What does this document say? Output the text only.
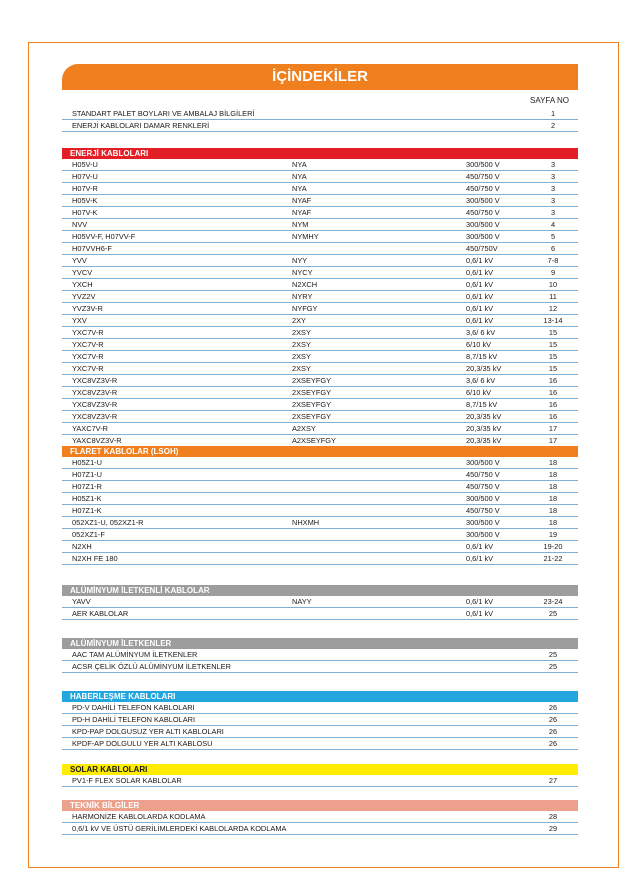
İÇİNDEKİLER
SAYFA NO
STANDART PALET BOYLARI VE AMBALAJ BİLGİLERİ	1
ENERJİ KABLOLARI DAMAR RENKLERİ	2
ENERJİ KABLOLARI
H05V-U	NYA	300/500 V	3
H07V-U	NYA	450/750 V	3
H07V-R	NYA	450/750 V	3
H05V-K	NYAF	300/500 V	3
H07V-K	NYAF	450/750 V	3
NVV	NYM	300/500 V	4
H05VV-F, H07VV-F	NYMHY	300/500 V	5
H07VVH6-F	450/750V	6
YVV	NYY	0,6/1 kV	7-8
YVCV	NYCY	0,6/1 kV	9
YXCH	N2XCH	0,6/1 kV	10
YVZ2V	NYRY	0,6/1 kV	11
YVZ3V-R	NYFGY	0,6/1 kV	12
YXV	2XY	0,6/1 kV	13-14
YXC7V-R	2XSY	3,6/ 6 kV	15
YXC7V-R	2XSY	6/10 kV	15
YXC7V-R	2XSY	8,7/15 kV	15
YXC7V-R	2XSY	20,3/35 kV	15
YXC8VZ3V-R	2XSEYFGY	3,6/ 6 kV	16
YXC8VZ3V-R	2XSEYFGY	6/10 kV	16
YXC8VZ3V-R	2XSEYFGY	8,7/15 kV	16
YXC8VZ3V-R	2XSEYFGY	20,3/35 kV	16
YAXC7V-R	A2XSY	20,3/35 kV	17
YAXC8VZ3V-R	A2XSEYFGY	20,3/35 kV	17
FLARET KABLOLAR (LSOH)
H05Z1-U	300/500 V	18
H07Z1-U	450/750 V	18
H07Z1-R	450/750 V	18
H05Z1-K	300/500 V	18
H07Z1-K	450/750 V	18
052XZ1-U, 052XZ1-R	NHXMH	300/500 V	18
052XZ1-F	300/500 V	19
N2XH	0,6/1 kV	19-20
N2XH FE 180	0,6/1 kV	21-22
ALÜMİNYUM İLETKENLİ KABLOLAR
YAVV	NAYY	0,6/1 kV	23-24
AER KABLOLAR	0,6/1 kV	25
ALÜMİNYUM İLETKENLER
AAC TAM ALÜMİNYUM İLETKENLER	25
ACSR ÇELİK ÖZLÜ ALÜMİNYUM İLETKENLER	25
HABERLEŞME KABLOLARI
PD-V DAHİLİ TELEFON KABLOLARI	26
PD-H DAHİLİ TELEFON KABLOLARI	26
KPD-PAP DOLGUSUZ YER ALTI KABLOLARI	26
KPDF-AP DOLGULU YER ALTI KABLOSU	26
SOLAR KABLOLARI
PV1-F FLEX SOLAR KABLOLAR	27
TEKNİK BİLGİLER
HARMONİZE KABLOLARDA KODLAMA	28
0,6/1 kV VE ÜSTÜ GERİLİMLERDEKİ KABLOLARDA KODLAMA	29
